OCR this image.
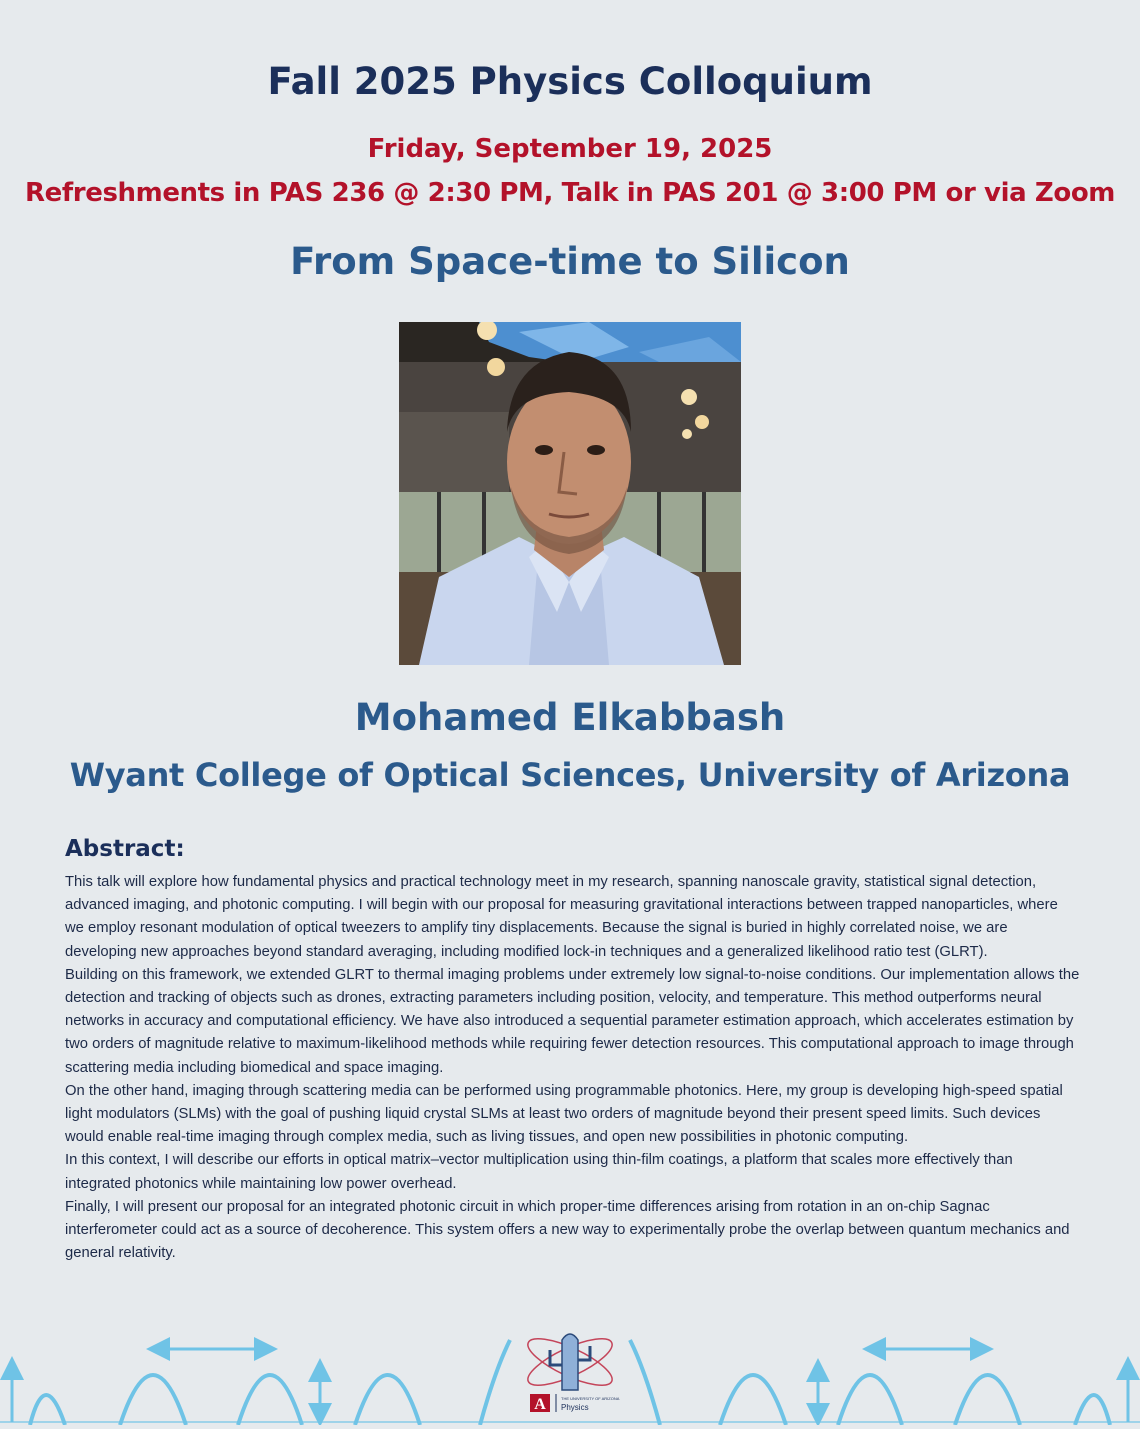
Fall 2025 Physics Colloquium
Friday, September 19, 2025
Refreshments in PAS 236 @ 2:30 PM, Talk in PAS 201 @ 3:00 PM or via Zoom
From Space-time to Silicon
Mohamed Elkabbash
Wyant College of Optical Sciences, University of Arizona
Abstract:

This talk will explore how fundamental physics and practical technology meet in my research, spanning nanoscale gravity, statistical signal detection, advanced imaging, and photonic computing. I will begin with our proposal for measuring gravitational interactions between trapped nanoparticles, where we employ resonant modulation of optical tweezers to amplify tiny displacements. Because the signal is buried in highly correlated noise, we are developing new approaches beyond standard averaging, including modified lock-in techniques and a generalized likelihood ratio test (GLRT).

Building on this framework, we extended GLRT to thermal imaging problems under extremely low signal-to-noise conditions. Our implementation allows the detection and tracking of objects such as drones, extracting parameters including position, velocity, and temperature. This method outperforms neural networks in accuracy and computational efficiency. We have also introduced a sequential parameter estimation approach, which accelerates estimation by two orders of magnitude relative to maximum-likelihood methods while requiring fewer detection resources. This computational approach to image through scattering media including biomedical and space imaging.

On the other hand, imaging through scattering media can be performed using programmable photonics. Here, my group is developing high-speed spatial light modulators (SLMs) with the goal of pushing liquid crystal SLMs at least two orders of magnitude beyond their present speed limits. Such devices would enable real-time imaging through complex media, such as living tissues, and open new possibilities in photonic computing.

In this context, I will describe our efforts in optical matrix–vector multiplication using thin-film coatings, a platform that scales more effectively than integrated photonics while maintaining low power overhead.

Finally, I will present our proposal for an integrated photonic circuit in which proper-time differences arising from rotation in an on-chip Sagnac interferometer could act as a source of decoherence. This system offers a new way to experimentally probe the overlap between quantum mechanics and general relativity.

A	THE UNIVERSITY OF ARIZONA
Physics
